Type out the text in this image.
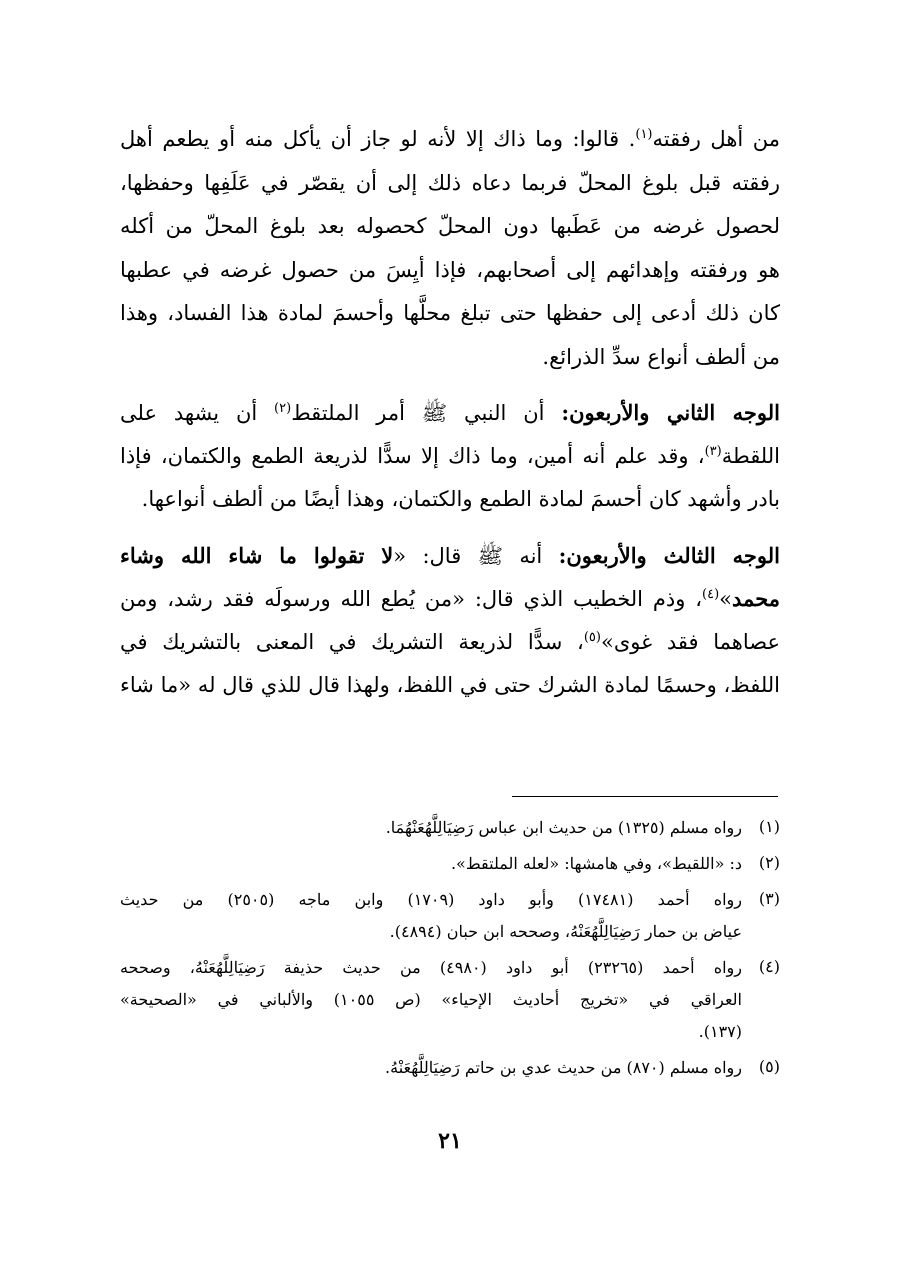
من أهل رفقته$^{(١)}$. قالوا: وما ذاك إلا لأنه لو جاز أن يأكل منه أو يطعم أهل
رفقته قبل بلوغ المحلّ فربما دعاه ذلك إلى أن يقصّر في عَلَفِها وحفظها،
لحصول غرضه من عَطَبها دون المحلّ كحصوله بعد بلوغ المحلّ من أكله
هو ورفقته وإهدائهم إلى أصحابهم، فإذا أيِسَ من حصول غرضه في عطبها
كان ذلك أدعى إلى حفظها حتى تبلغ محلَّها وأحسمَ لمادة هذا الفساد، وهذا
من ألطف أنواع سدِّ الذرائع.
الوجه الثاني والأربعون: أن النبي ﷺ أمر الملتقط$^{(٢)}$ أن يشهد على
اللقطة$^{(٣)}$، وقد علم أنه أمين، وما ذاك إلا سدًّا لذريعة الطمع والكتمان، فإذا
بادر وأشهد كان أحسمَ لمادة الطمع والكتمان، وهذا أيضًا من ألطف أنواعها.
الوجه الثالث والأربعون: أنه ﷺ قال: «لا تقولوا ما شاء الله وشاء
محمد»$^{(٤)}$، وذم الخطيب الذي قال: «من يُطع الله ورسولَه فقد رشد، ومن
عصاهما فقد غوى»$^{(٥)}$، سدًّا لذريعة التشريك في المعنى بالتشريك في
اللفظ، وحسمًا لمادة الشرك حتى في اللفظ، ولهذا قال للذي قال له «ما شاء
(١)
رواه مسلم (١٣٢٥) من حديث ابن عباس رَضِيَالِلَّهُعَنْهُمَا.
(٢)
د: «اللقيط»، وفي هامشها: «لعله الملتقط».
(٣)
رواه أحمد (١٧٤٨١) وأبو داود (١٧٠٩) وابن ماجه (٢٥٠٥) من حديث
عياض بن حمار رَضِيَالِلَّهُعَنْهُ، وصححه ابن حبان (٤٨٩٤).
(٤)
رواه أحمد (٢٣٢٦٥) أبو داود (٤٩٨٠) من حديث حذيفة رَضِيَالِلَّهُعَنْهُ، وصححه
العراقي في «تخريج أحاديث الإحياء» (ص ١٠٥٥) والألباني في «الصحيحة»
(١٣٧).
(٥)
رواه مسلم (٨٧٠) من حديث عدي بن حاتم رَضِيَالِلَّهُعَنْهُ.
٢١
